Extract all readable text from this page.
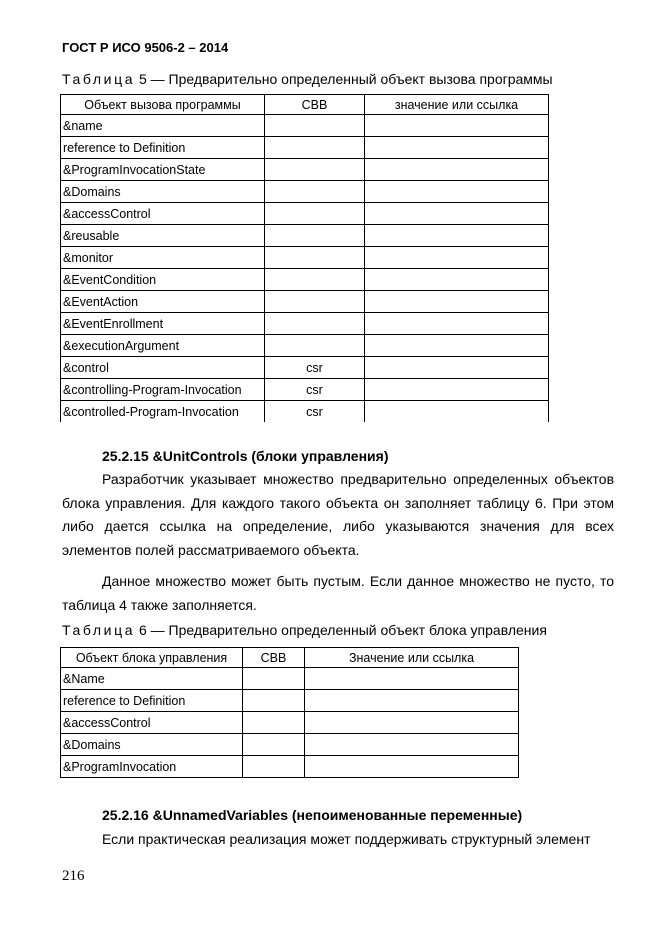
ГОСТ Р ИСО 9506-2 – 2014
Таблица 5 — Предварительно определенный объект вызова программы
Объект вызова программы	СВВ	значение или ссылка
&name		
reference to Definition		
&ProgramInvocationState		
&Domains		
&accessControl		
&reusable		
&monitor		
&EventCondition		
&EventAction		
&EventEnrollment		
&executionArgument		
&control	csr	
&controlling-Program-Invocation	csr	
&controlled-Program-Invocation	csr	
25.2.15 &UnitControls (блоки управления)
Разработчик указывает множество предварительно определенных объектов блока управления. Для каждого такого объекта он заполняет таблицу 6. При этом либо дается ссылка на определение, либо указываются значения для всех элементов полей рассматриваемого объекта.
Данное множество может быть пустым. Если данное множество не пусто, то таблица 4 также заполняется.
Таблица 6 — Предварительно определенный объект блока управления
Объект блока управления	СВВ	Значение или ссылка
&Name		
reference to Definition		
&accessControl		
&Domains		
&ProgramInvocation		
25.2.16 &UnnamedVariables (непоименованные переменные)
Если практическая реализация может поддерживать структурный элемент
216
